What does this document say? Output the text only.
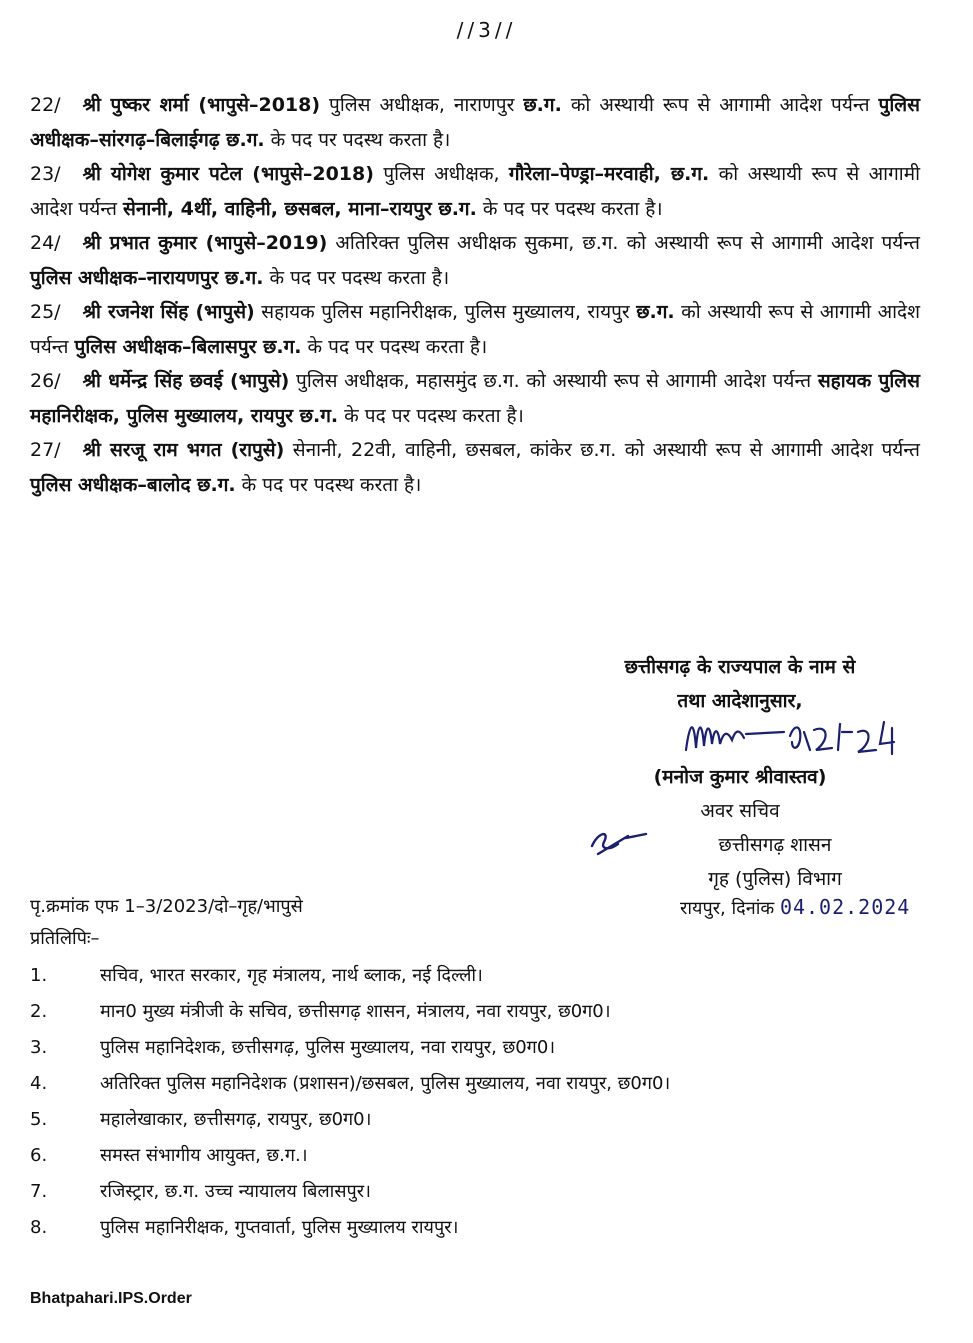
//3//

22/ श्री पुष्कर शर्मा (भापुसे–2018) पुलिस अधीक्षक, नाराणपुर छ.ग. को अस्थायी रूप से आगामी आदेश पर्यन्त पुलिस अधीक्षक–सांरगढ़–बिलाईगढ़ छ.ग. के पद पर पदस्थ करता है।

23/ श्री योगेश कुमार पटेल (भापुसे–2018) पुलिस अधीक्षक, गौरेला–पेण्ड्रा–मरवाही, छ.ग. को अस्थायी रूप से आगामी आदेश पर्यन्त सेनानी, 4थीं, वाहिनी, छसबल, माना–रायपुर छ.ग. के पद पर पदस्थ करता है।

24/ श्री प्रभात कुमार (भापुसे–2019) अतिरिक्त पुलिस अधीक्षक सुकमा, छ.ग. को अस्थायी रूप से आगामी आदेश पर्यन्त पुलिस अधीक्षक–नारायणपुर छ.ग. के पद पर पदस्थ करता है।

25/ श्री रजनेश सिंह (भापुसे) सहायक पुलिस महानिरीक्षक, पुलिस मुख्यालय, रायपुर छ.ग. को अस्थायी रूप से आगामी आदेश पर्यन्त पुलिस अधीक्षक–बिलासपुर छ.ग. के पद पर पदस्थ करता है।

26/ श्री धर्मेन्द्र सिंह छवई (भापुसे) पुलिस अधीक्षक, महासमुंद छ.ग. को अस्थायी रूप से आगामी आदेश पर्यन्त सहायक पुलिस महानिरीक्षक, पुलिस मुख्यालय, रायपुर छ.ग. के पद पर पदस्थ करता है।

27/ श्री सरजू राम भगत (रापुसे) सेनानी, 22वी, वाहिनी, छसबल, कांकेर छ.ग. को अस्थायी रूप से आगामी आदेश पर्यन्त पुलिस अधीक्षक–बालोद छ.ग. के पद पर पदस्थ करता है।

छत्तीसगढ़ के राज्यपाल के नाम से
तथा आदेशानुसार,
(मनोज कुमार श्रीवास्तव)
अवर सचिव
छत्तीसगढ़ शासन
गृह (पुलिस) विभाग
पृ.क्रमांक एफ 1–3/2023/दो–गृह/भापुसे	रायपुर, दिनांक 04.02.2024
प्रतिलिपिः–
1.	सचिव, भारत सरकार, गृह मंत्रालय, नार्थ ब्लाक, नई दिल्ली।
2.	मान0 मुख्य मंत्रीजी के सचिव, छत्तीसगढ़ शासन, मंत्रालय, नवा रायपुर, छ0ग0।
3.	पुलिस महानिदेशक, छत्तीसगढ़, पुलिस मुख्यालय, नवा रायपुर, छ0ग0।
4.	अतिरिक्त पुलिस महानिदेशक (प्रशासन)/छसबल, पुलिस मुख्यालय, नवा रायपुर, छ0ग0।
5.	महालेखाकार, छत्तीसगढ़, रायपुर, छ0ग0।
6.	समस्त संभागीय आयुक्त, छ.ग.।
7.	रजिस्ट्रार, छ.ग. उच्च न्यायालय बिलासपुर।
8.	पुलिस महानिरीक्षक, गुप्तवार्ता, पुलिस मुख्यालय रायपुर।
Bhatpahari.IPS.Order
